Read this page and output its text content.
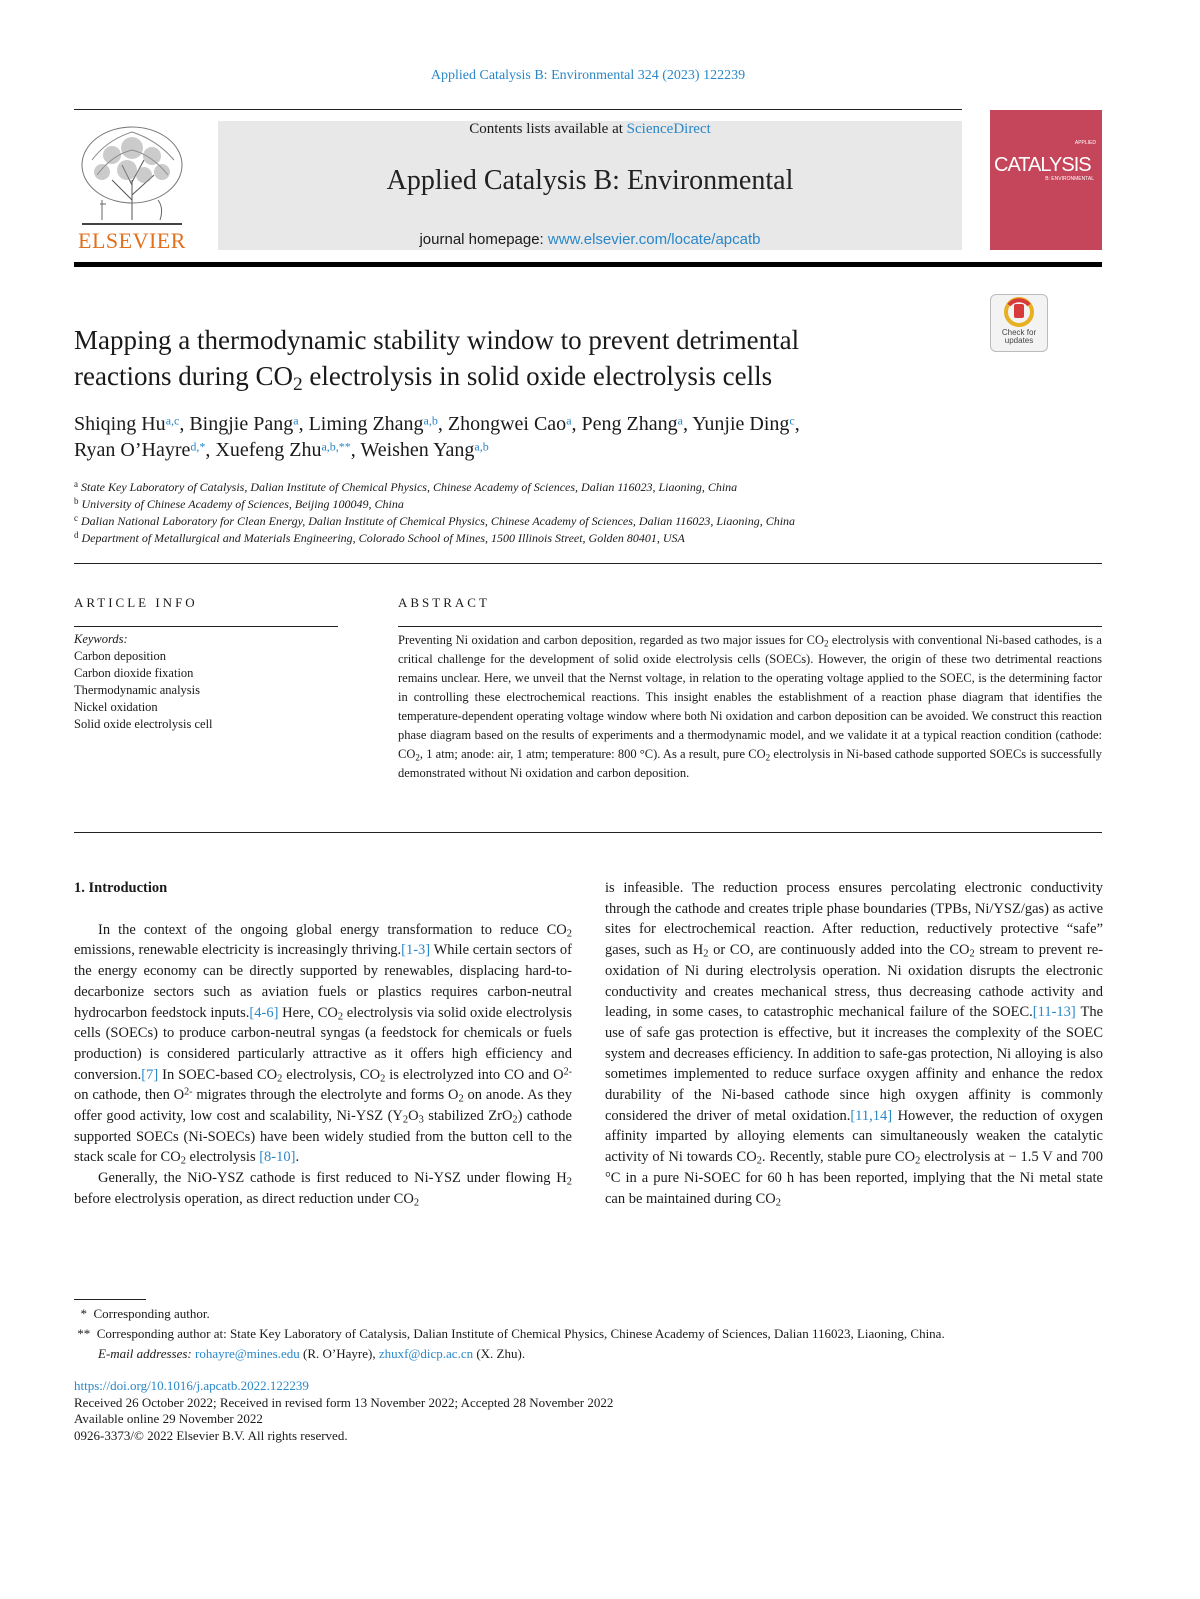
Applied Catalysis B: Environmental 324 (2023) 122239
ELSEVIER
Contents lists available at ScienceDirect
Applied Catalysis B: Environmental
journal homepage: www.elsevier.com/locate/apcatb
APPLIED
CATALYSIS
B: ENVIRONMENTAL
Check for
updates
Mapping a thermodynamic stability window to prevent detrimental
reactions during $CO_2$ electrolysis in solid oxide electrolysis cells
Shiqing Hu$^{a,c}$, Bingjie Pang$^a$, Liming Zhang$^{a,b}$, Zhongwei Cao$^a$, Peng Zhang$^a$, Yunjie Ding$^c$,
Ryan O’Hayre$^{d,*}$, Xuefeng Zhu$^{a,b,**}$, Weishen Yang$^{a,b}$

$^a$ State Key Laboratory of Catalysis, Dalian Institute of Chemical Physics, Chinese Academy of Sciences, Dalian 116023, Liaoning, China

$^b$ University of Chinese Academy of Sciences, Beijing 100049, China

$^c$ Dalian National Laboratory for Clean Energy, Dalian Institute of Chemical Physics, Chinese Academy of Sciences, Dalian 116023, Liaoning, China

$^d$ Department of Metallurgical and Materials Engineering, Colorado School of Mines, 1500 Illinois Street, Golden 80401, USA

ARTICLE INFO
Keywords:
Carbon deposition
Carbon dioxide fixation
Thermodynamic analysis
Nickel oxidation
Solid oxide electrolysis cell
ABSTRACT
Preventing Ni oxidation and carbon deposition, regarded as two major issues for $CO_2$ electrolysis with conventional Ni-based cathodes, is a critical challenge for the development of solid oxide electrolysis cells (SOECs). However, the origin of these two detrimental reactions remains unclear. Here, we unveil that the Nernst voltage, in relation to the operating voltage applied to the SOEC, is the determining factor in controlling these electrochemical reactions. This insight enables the establishment of a reaction phase diagram that identifies the temperature-dependent operating voltage window where both Ni oxidation and carbon deposition can be avoided. We construct this reaction phase diagram based on the results of experiments and a thermodynamic model, and we validate it at a typical reaction condition (cathode: $CO_2$, 1 atm; anode: air, 1 atm; temperature: 800 °C). As a result, pure $CO_2$ electrolysis in Ni-based cathode supported SOECs is successfully demonstrated without Ni oxidation and carbon deposition.
1. Introduction

In the context of the ongoing global energy transformation to reduce $CO_2$ emissions, renewable electricity is increasingly thriving.[1-3] While certain sectors of the energy economy can be directly supported by renewables, displacing hard-to-decarbonize sectors such as aviation fuels or plastics requires carbon-neutral hydrocarbon feedstock inputs.[4-6] Here, $CO_2$ electrolysis via solid oxide electrolysis cells (SOECs) to produce carbon-neutral syngas (a feedstock for chemicals or fuels production) is considered particularly attractive as it offers high efficiency and conversion.[7] In SOEC-based $CO_2$ electrolysis, $CO_2$ is electrolyzed into CO and $O^{2-}$ on cathode, then $O^{2-}$ migrates through the electrolyte and forms $O_2$ on anode. As they offer good activity, low cost and scalability, Ni-YSZ ($Y_2O_3$ stabilized ZrO$_2$) cathode supported SOECs (Ni-SOECs) have been widely studied from the button cell to the stack scale for $CO_2$ electrolysis [8-10].

Generally, the NiO-YSZ cathode is first reduced to Ni-YSZ under flowing $H_2$ before electrolysis operation, as direct reduction under $CO_2$

is infeasible. The reduction process ensures percolating electronic conductivity through the cathode and creates triple phase boundaries (TPBs, Ni/YSZ/gas) as active sites for electrochemical reaction. After reduction, reductively protective “safe” gases, such as $H_2$ or CO, are continuously added into the $CO_2$ stream to prevent re-oxidation of Ni during electrolysis operation. Ni oxidation disrupts the electronic conductivity and creates mechanical stress, thus decreasing cathode activity and leading, in some cases, to catastrophic mechanical failure of the SOEC.[11-13] The use of safe gas protection is effective, but it increases the complexity of the SOEC system and decreases efficiency. In addition to safe-gas protection, Ni alloying is also sometimes implemented to reduce surface oxygen affinity and enhance the redox durability of the Ni-based cathode since high oxygen affinity is commonly considered the driver of metal oxidation.[11,14] However, the reduction of oxygen affinity imparted by alloying elements can simultaneously weaken the catalytic activity of Ni towards $CO_2$. Recently, stable pure $CO_2$ electrolysis at − 1.5 V and 700 °C in a pure Ni-SOEC for 60 h has been reported, implying that the Ni metal state can be maintained during $CO_2$

* Corresponding author.

** Corresponding author at: State Key Laboratory of Catalysis, Dalian Institute of Chemical Physics, Chinese Academy of Sciences, Dalian 116023, Liaoning, China.

E-mail addresses: rohayre@mines.edu (R. O’Hayre), zhuxf@dicp.ac.cn (X. Zhu).

https://doi.org/10.1016/j.apcatb.2022.122239

Received 26 October 2022; Received in revised form 13 November 2022; Accepted 28 November 2022

Available online 29 November 2022

0926-3373/© 2022 Elsevier B.V. All rights reserved.
